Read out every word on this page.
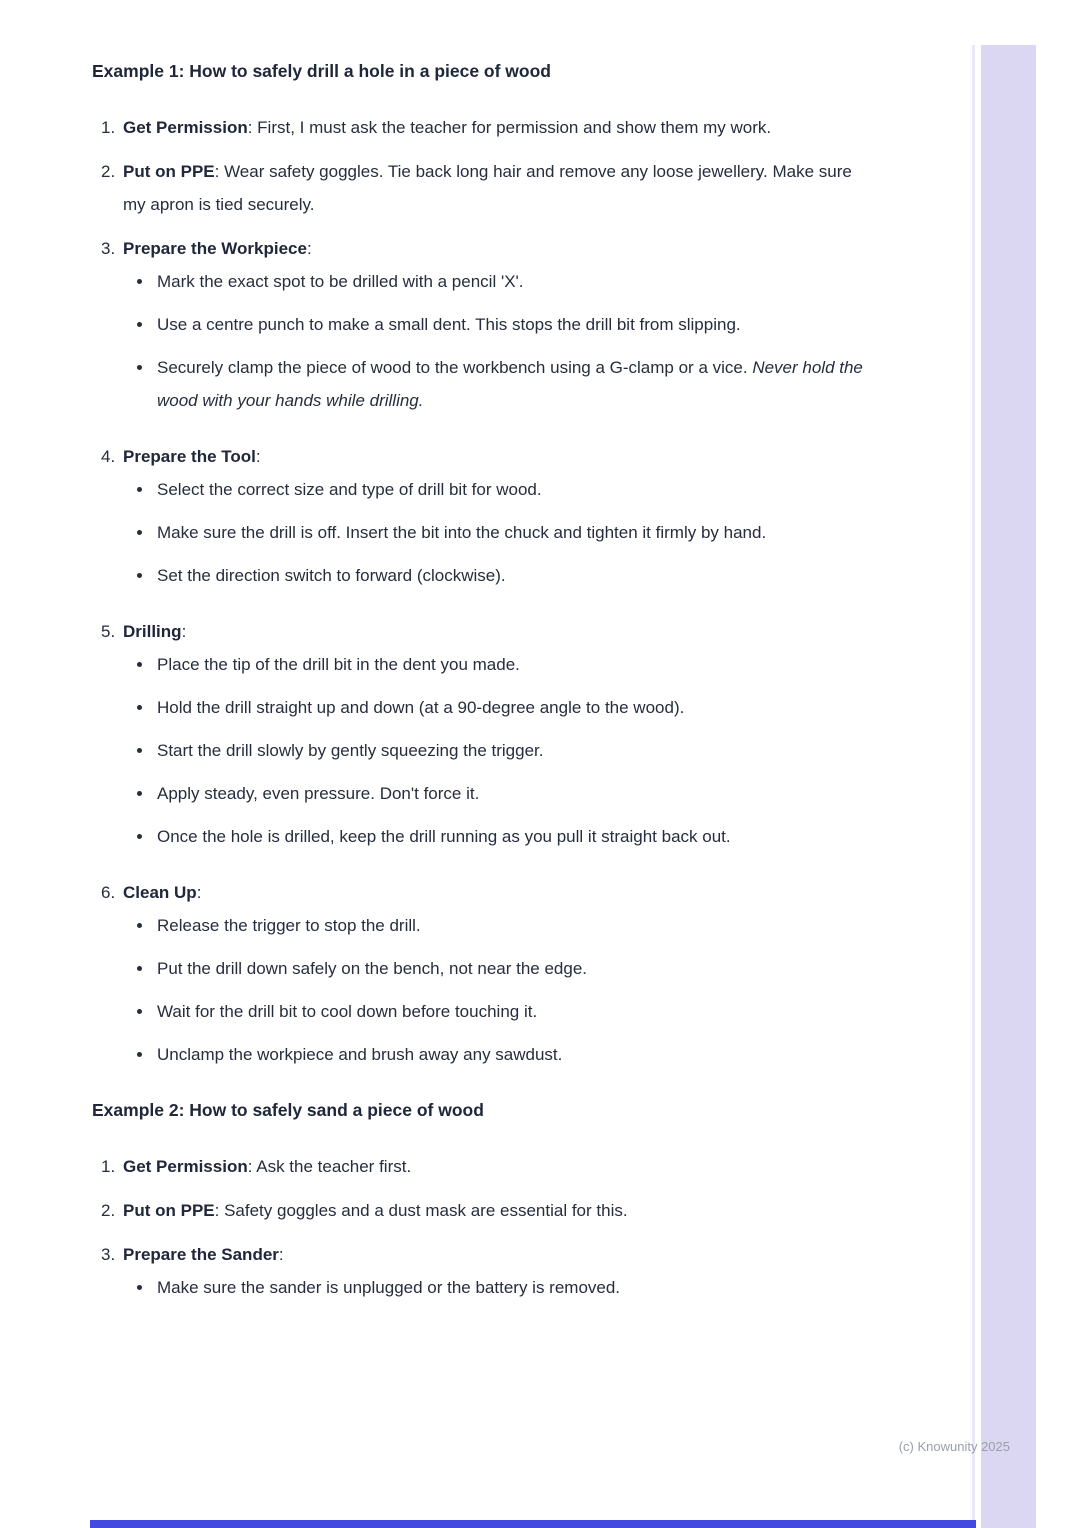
Example 1: How to safely drill a hole in a piece of wood
1. Get Permission: First, I must ask the teacher for permission and show them my work.

2. Put on PPE: Wear safety goggles. Tie back long hair and remove any loose jewellery. Make sure my apron is tied securely.

3. Prepare the Workpiece:

Mark the exact spot to be drilled with a pencil 'X'.

Use a centre punch to make a small dent. This stops the drill bit from slipping.

Securely clamp the piece of wood to the workbench using a G-clamp or a vice. Never hold the wood with your hands while drilling.

4. Prepare the Tool:

Select the correct size and type of drill bit for wood.

Make sure the drill is off. Insert the bit into the chuck and tighten it firmly by hand.

Set the direction switch to forward (clockwise).

5. Drilling:

Place the tip of the drill bit in the dent you made.

Hold the drill straight up and down (at a 90-degree angle to the wood).

Start the drill slowly by gently squeezing the trigger.

Apply steady, even pressure. Don't force it.

Once the hole is drilled, keep the drill running as you pull it straight back out.

6. Clean Up:

Release the trigger to stop the drill.

Put the drill down safely on the bench, not near the edge.

Wait for the drill bit to cool down before touching it.

Unclamp the workpiece and brush away any sawdust.

Example 2: How to safely sand a piece of wood
1. Get Permission: Ask the teacher first.

2. Put on PPE: Safety goggles and a dust mask are essential for this.

3. Prepare the Sander:

Make sure the sander is unplugged or the battery is removed.

(c) Knowunity 2025
